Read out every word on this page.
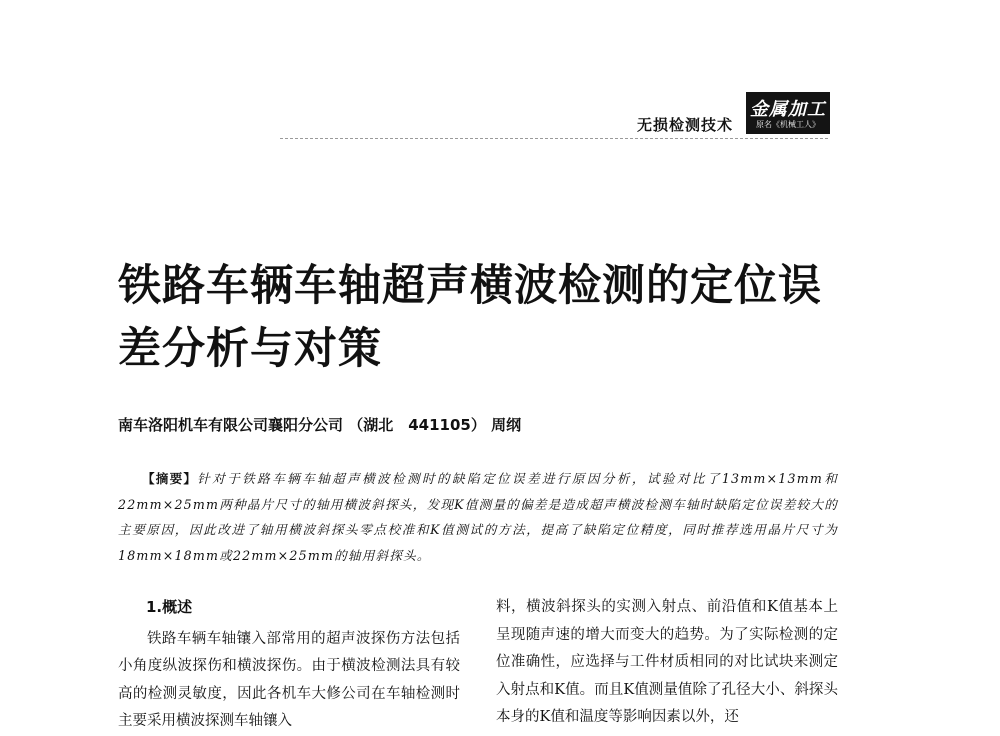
无损检测技术
金属加工
原名《机械工人》
铁路车辆车轴超声横波检测的定位误差分析与对策
南车洛阳机车有限公司襄阳分公司 （湖北　441105） 周纲
【摘要】针对于铁路车辆车轴超声横波检测时的缺陷定位误差进行原因分析，试验对比了13mm×13mm和22mm×25mm两种晶片尺寸的轴用横波斜探头，发现K值测量的偏差是造成超声横波检测车轴时缺陷定位误差较大的主要原因，因此改进了轴用横波斜探头零点校准和K值测试的方法，提高了缺陷定位精度，同时推荐选用晶片尺寸为18mm×18mm或22mm×25mm的轴用斜探头。
1.概述

铁路车辆车轴镶入部常用的超声波探伤方法包括小角度纵波探伤和横波探伤。由于横波检测法具有较高的检测灵敏度，因此各机车大修公司在车轴检测时主要采用横波探测车轴镶入

料，横波斜探头的实测入射点、前沿值和K值基本上呈现随声速的增大而变大的趋势。为了实际检测的定位准确性，应选择与工件材质相同的对比试块来测定入射点和K值。而且K值测量值除了孔径大小、斜探头本身的K值和温度等影响因素以外，还
